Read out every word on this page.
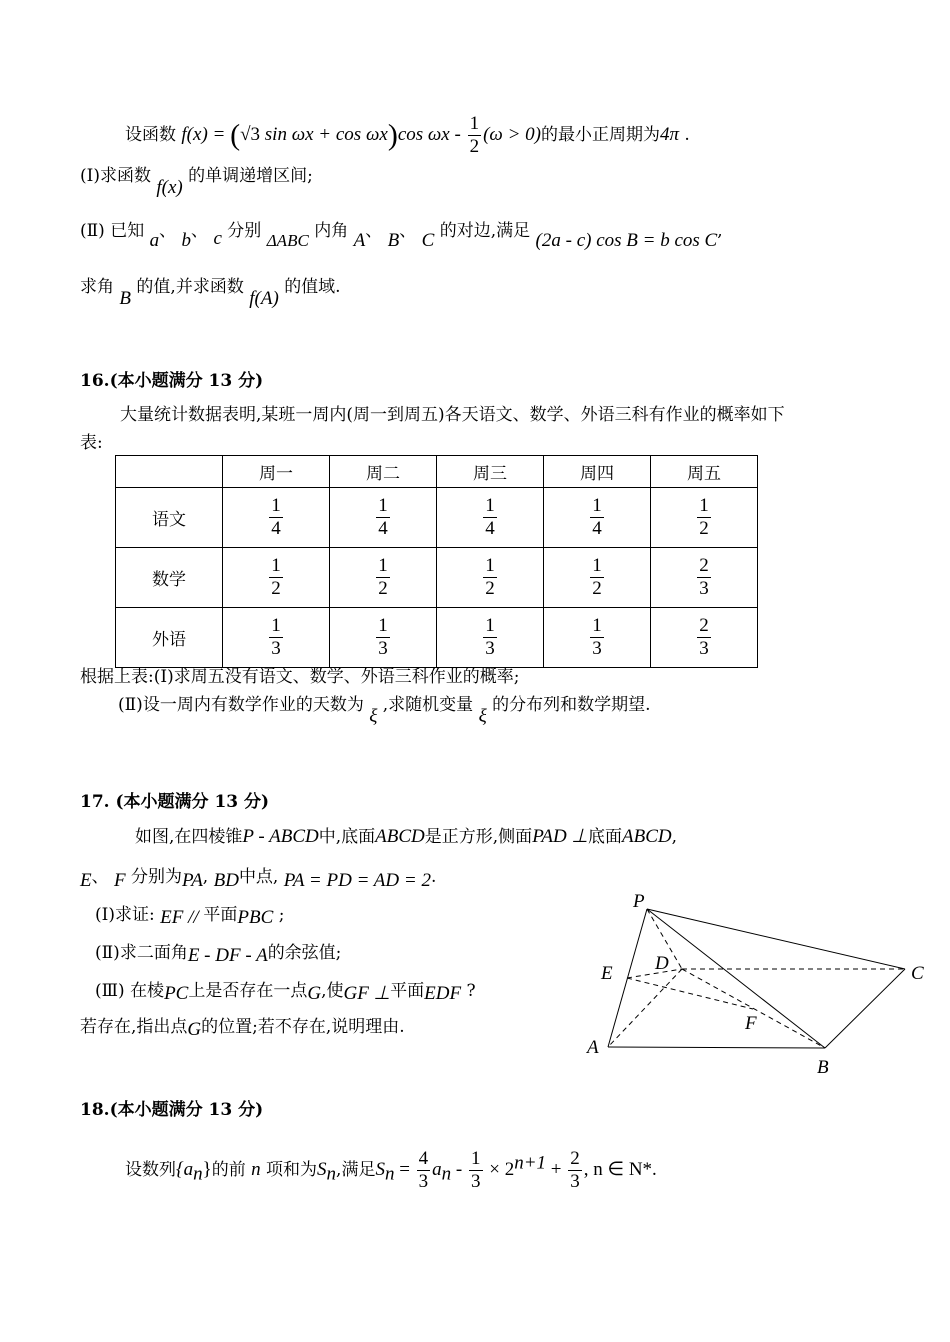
设函数 f(x) = (√3 sin ωx + cos ωx)cos $\omega x - \frac{1}{2} (\omega > 0)$的最小正周期为4π .
(Ⅰ)求函数 f(x) 的单调递增区间;
(Ⅱ) 已知 a、 b、 c 分别 ΔABC 内角 A、 B、 C 的对边,满足 (2a - c) cos B = b cos C,
求角 B 的值,并求函数 f(A) 的值域.
16.(本小题满分 13 分)
大量统计数据表明,某班一周内(周一到周五)各天语文、数学、外语三科有作业的概率如下
表:
	周一	周二	周三	周四	周五
语文	$\frac{1}{4}$	$\frac{1}{4}$	$\frac{1}{4}$	$\frac{1}{4}$	$\frac{1}{2}$

数学	$\frac{1}{2}$	$\frac{1}{2}$	$\frac{1}{2}$	$\frac{1}{2}$	$\frac{2}{3}$

外语	$\frac{1}{3}$	$\frac{1}{3}$	$\frac{1}{3}$	$\frac{1}{3}$	$\frac{2}{3}$
根据上表:(Ⅰ)求周五没有语文、数学、外语三科作业的概率;
(Ⅱ)设一周内有数学作业的天数为 ξ ,求随机变量 ξ 的分布列和数学期望.
17. (本小题满分 13 分)
如图,在四棱锥P - ABCD中,底面ABCD是正方形,侧面PAD ⊥底面ABCD,
E、 F 分别为PA, BD中点, PA = PD = AD = 2.
(Ⅰ)求证: EF // 平面PBC ;
(Ⅱ)求二面角E - DF - A的余弦值;
(Ⅲ) 在棱PC上是否存在一点G,使GF ⊥平面EDF ?
若存在,指出点G的位置;若不存在,说明理由.
P
D
E	C
F
A
B
18.(本小题满分 13 分)
设数列$\{a_n\}$的前 n 项和为$S_n$,满足$S_n = \frac{4}{3} a_n - \frac{1}{3} \times 2^{n+1} + \frac{2}{3}$ , n ∈ N*.
